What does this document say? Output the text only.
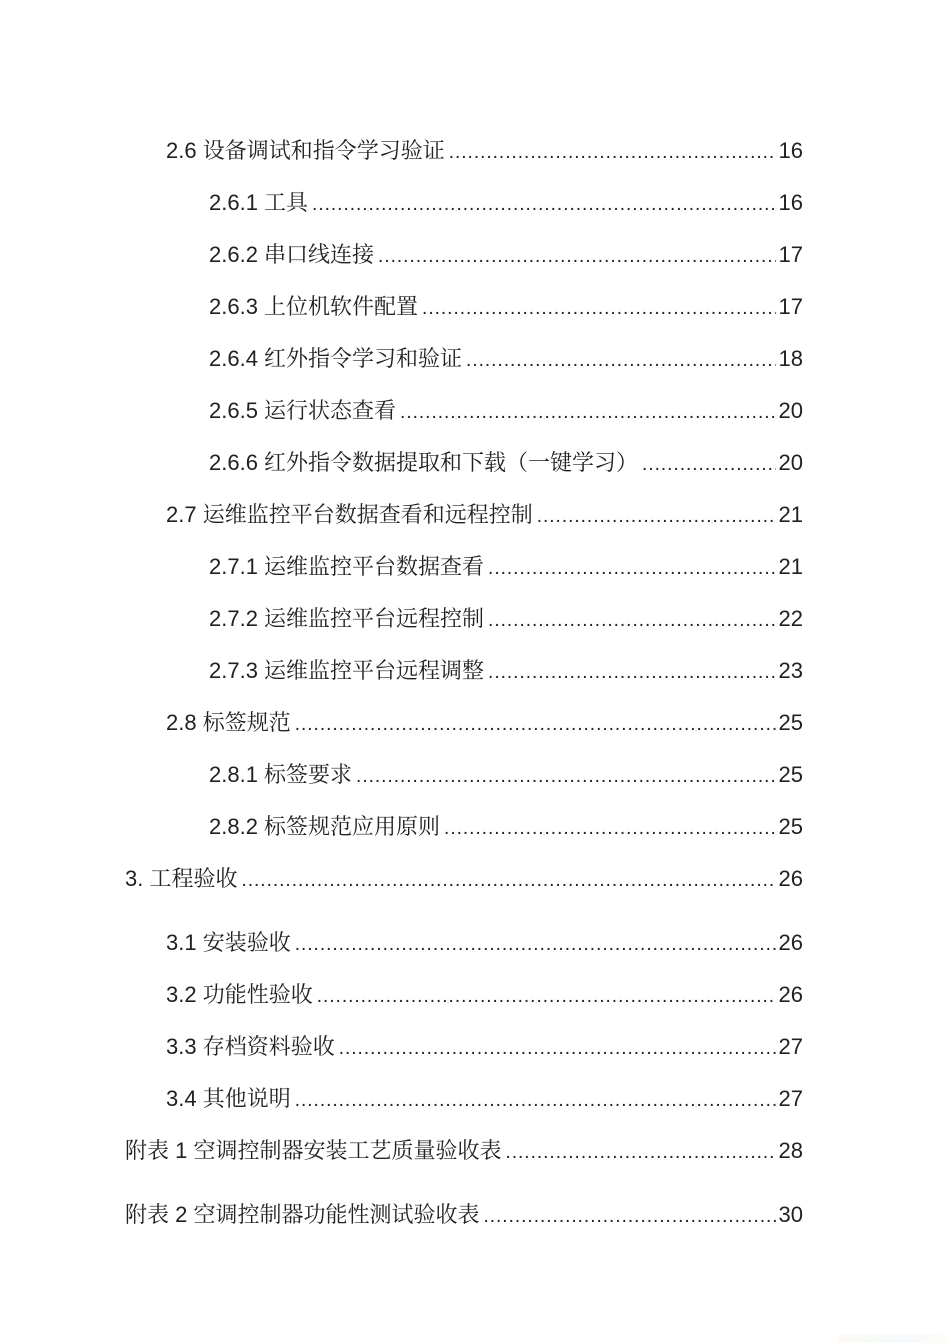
2.6 设备调试和指令学习验证 .....	16
2.6.1 工具 .....	16
2.6.2 串口线连接 .....	17
2.6.3 上位机软件配置 .....	17
2.6.4 红外指令学习和验证 .....	18
2.6.5 运行状态查看 .....	20
2.6.6 红外指令数据提取和下载（一键学习） .....	20
2.7 运维监控平台数据查看和远程控制 .....	21
2.7.1 运维监控平台数据查看 .....	21
2.7.2 运维监控平台远程控制 .....	22
2.7.3 运维监控平台远程调整 .....	23
2.8 标签规范 .....	25
2.8.1 标签要求 .....	25
2.8.2 标签规范应用原则 .....	25
3. 工程验收 .....	26
3.1 安装验收 .....	26
3.2 功能性验收 .....	26
3.3 存档资料验收 .....	27
3.4 其他说明 .....	27
附表 1 空调控制器安装工艺质量验收表 .....	28
附表 2 空调控制器功能性测试验收表 .....	30
